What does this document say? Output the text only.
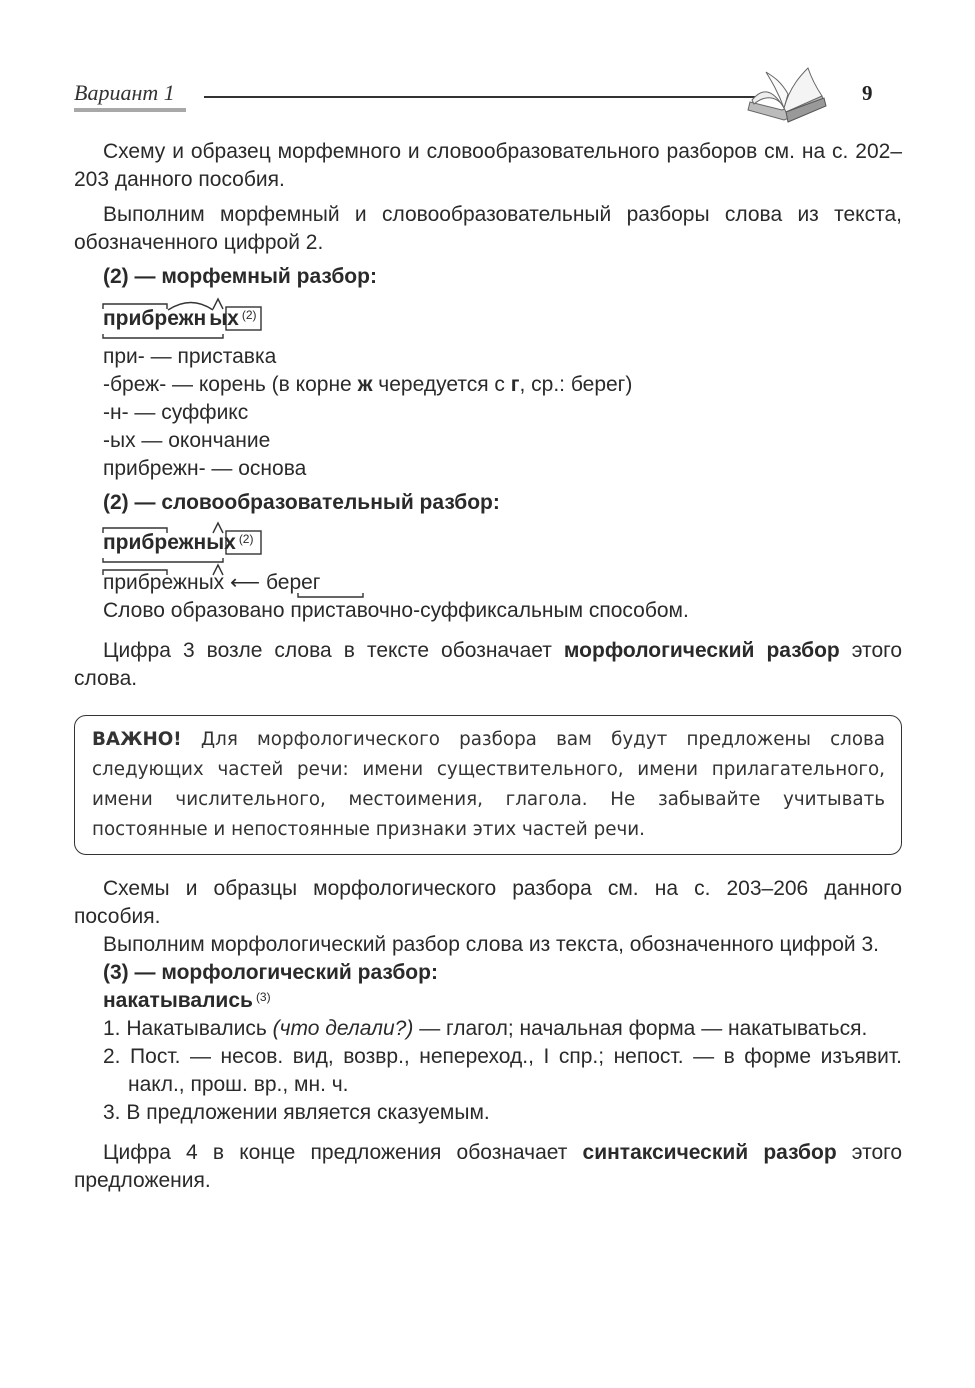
Вариант 1	9

Схему и образец морфемного и словообразовательного разборов см. на с. 202–203 данного пособия.

Выполним морфемный и словообразовательный разборы слова из текста, обозначенного цифрой 2.

(2) — морфемный разбор:

прибрежн ых $^{(2)}$

при- — приставка

-бреж- — корень (в корне ж чередуется с г, ср.: берег)

-н- — суффикс

-ых — окончание

прибрежн- — основа

(2) — словообразовательный разбор:

прибрежных $^{(2)}$
прибрежных ⟵ берег

Слово образовано приставочно-суффиксальным способом.

Цифра 3 возле слова в тексте обозначает морфологический разбор этого слова.

ВАЖНО! Для морфологического разбора вам будут предложены слова следующих частей речи: имени существительного, имени прилагательного, имени числительного, местоимения, глагола. Не забывайте учитывать постоянные и непостоянные признаки этих частей речи.

Схемы и образцы морфологического разбора см. на с. 203–206 данного пособия.

Выполним морфологический разбор слова из текста, обозначенного цифрой 3.

(3) — морфологический разбор:

накатывались $^{(3)}$

1. Накатывались (что делали?) — глагол; начальная форма — накатываться.
2. Пост. — несов. вид, возвр., непереход., I спр.; непост. — в форме изъявит. накл., прош. вр., мн. ч.
3. В предложении является сказуемым.

Цифра 4 в конце предложения обозначает синтаксический разбор этого предложения.
